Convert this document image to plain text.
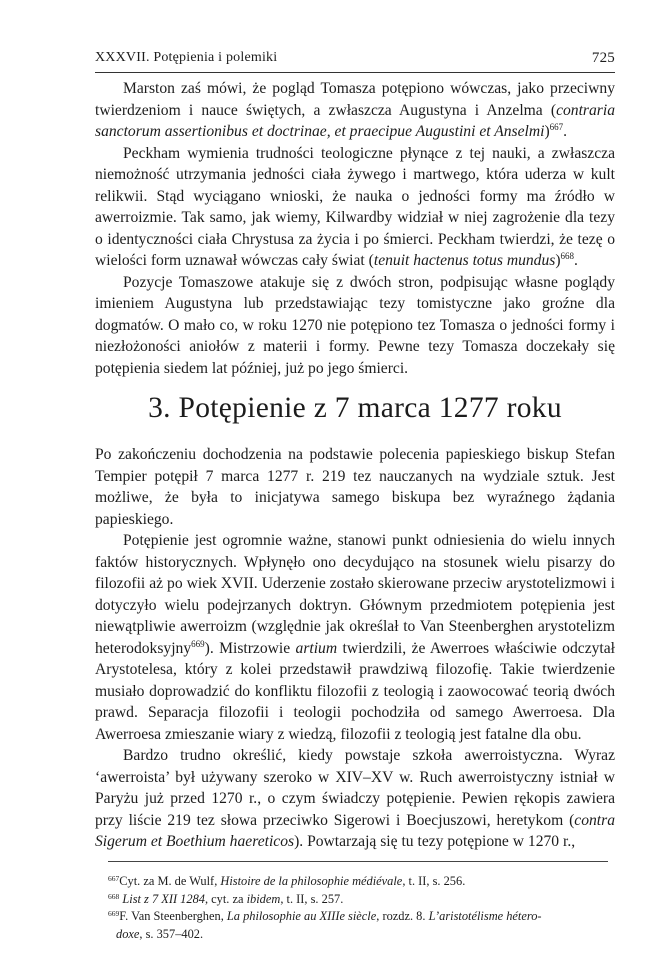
XXXVII. Potępienia i polemiki	725

Marston zaś mówi, że pogląd Tomasza potępiono wówczas, jako przeciwny twierdzeniom i nauce świętych, a zwłaszcza Augustyna i Anzelma (contraria sanctorum assertionibus et doctrinae, et praecipue Augustini et Anselmi)$^{667}$.

Peckham wymienia trudności teologiczne płynące z tej nauki, a zwłaszcza niemożność utrzymania jedności ciała żywego i martwego, która uderza w kult relikwii. Stąd wyciągano wnioski, że nauka o jedności formy ma źródło w awerroizmie. Tak samo, jak wiemy, Kilwardby widział w niej zagrożenie dla tezy o identyczności ciała Chrystusa za życia i po śmierci. Peckham twierdzi, że tezę o wielości form uznawał wówczas cały świat (tenuit hactenus totus mundus)$^{668}$.

Pozycje Tomaszowe atakuje się z dwóch stron, podpisując własne poglądy imieniem Augustyna lub przedstawiając tezy tomistyczne jako groźne dla dogmatów. O mało co, w roku 1270 nie potępiono tez Tomasza o jedności formy i niezłożoności aniołów z materii i formy. Pewne tezy Tomasza doczekały się potępienia siedem lat później, już po jego śmierci.

3. Potępienie z 7 marca 1277 roku

Po zakończeniu dochodzenia na podstawie polecenia papieskiego biskup Stefan Tempier potępił 7 marca 1277 r. 219 tez nauczanych na wydziale sztuk. Jest możliwe, że była to inicjatywa samego biskupa bez wyraźnego żądania papieskiego.

Potępienie jest ogromnie ważne, stanowi punkt odniesienia do wielu innych faktów historycznych. Wpłynęło ono decydująco na stosunek wielu pisarzy do filozofii aż po wiek XVII. Uderzenie zostało skierowane przeciw arystotelizmowi i dotyczyło wielu podejrzanych doktryn. Głównym przedmiotem potępienia jest niewątpliwie awerroizm (względnie jak określał to Van Steenberghen arystotelizm heterodoksyjny$^{669}$). Mistrzowie artium twierdzili, że Awerroes właściwie odczytał Arystotelesa, który z kolei przedstawił prawdziwą filozofię. Takie twierdzenie musiało doprowadzić do konfliktu filozofii z teologią i zaowocować teorią dwóch prawd. Separacja filozofii i teologii pochodziła od samego Awerroesa. Dla Awerroesa zmieszanie wiary z wiedzą, filozofii z teologią jest fatalne dla obu.

Bardzo trudno określić, kiedy powstaje szkoła awerroistyczna. Wyraz ‘awerroista’ był używany szeroko w XIV–XV w. Ruch awerroistyczny istniał w Paryżu już przed 1270 r., o czym świadczy potępienie. Pewien rękopis zawiera przy liście 219 tez słowa przeciwko Sigerowi i Boecjuszowi, heretykom (contra Sigerum et Boethium haereticos). Powtarzają się tu tezy potępione w 1270 r.,

$^{667}$Cyt. za M. de Wulf, Histoire de la philosophie médiévale, t. II, s. 256.

$^{668}$ List z 7 XII 1284, cyt. za ibidem, t. II, s. 257.

$^{669}$F. Van Steenberghen, La philosophie au XIIIe siècle, rozdz. 8. L’aristotélisme hétero-

doxe, s. 357–402.
